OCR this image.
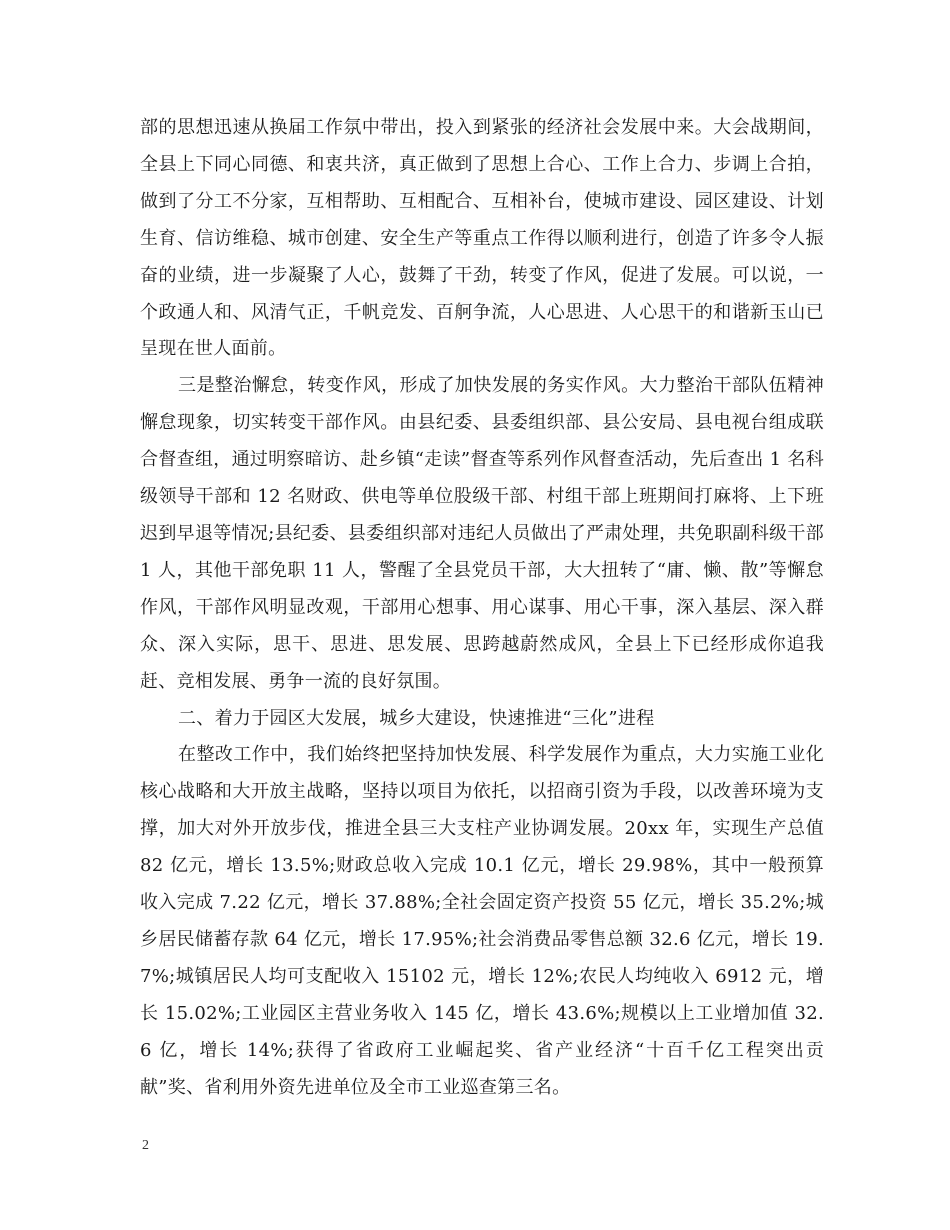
部的思想迅速从换届工作氛中带出，投入到紧张的经济社会发展中来。大会战期间，全县上下同心同德、和衷共济，真正做到了思想上合心、工作上合力、步调上合拍，做到了分工不分家，互相帮助、互相配合、互相补台，使城市建设、园区建设、计划生育、信访维稳、城市创建、安全生产等重点工作得以顺利进行，创造了许多令人振奋的业绩，进一步凝聚了人心，鼓舞了干劲，转变了作风，促进了发展。可以说，一个政通人和、风清气正，千帆竞发、百舸争流，人心思进、人心思干的和谐新玉山已呈现在世人面前。

三是整治懈怠，转变作风，形成了加快发展的务实作风。大力整治干部队伍精神懈怠现象，切实转变干部作风。由县纪委、县委组织部、县公安局、县电视台组成联合督查组，通过明察暗访、赴乡镇“走读”督查等系列作风督查活动，先后查出 1 名科级领导干部和 12 名财政、供电等单位股级干部、村组干部上班期间打麻将、上下班迟到早退等情况;县纪委、县委组织部对违纪人员做出了严肃处理，共免职副科级干部 1 人，其他干部免职 11 人，警醒了全县党员干部，大大扭转了“庸、懒、散”等懈怠作风，干部作风明显改观，干部用心想事、用心谋事、用心干事，深入基层、深入群众、深入实际，思干、思进、思发展、思跨越蔚然成风，全县上下已经形成你追我赶、竞相发展、勇争一流的良好氛围。

二、着力于园区大发展，城乡大建设，快速推进“三化”进程

在整改工作中，我们始终把坚持加快发展、科学发展作为重点，大力实施工业化核心战略和大开放主战略，坚持以项目为依托，以招商引资为手段，以改善环境为支撑，加大对外开放步伐，推进全县三大支柱产业协调发展。20xx 年，实现生产总值 82 亿元，增长 13.5%;财政总收入完成 10.1 亿元，增长 29.98%，其中一般预算收入完成 7.22 亿元，增长 37.88%;全社会固定资产投资 55 亿元，增长 35.2%;城乡居民储蓄存款 64 亿元，增长 17.95%;社会消费品零售总额 32.6 亿元，增长 19.7%;城镇居民人均可支配收入 15102 元，增长 12%;农民人均纯收入 6912 元，增长 15.02%;工业园区主营业务收入 145 亿，增长 43.6%;规模以上工业增加值 32.6 亿，增长 14%;获得了省政府工业崛起奖、省产业经济“十百千亿工程突出贡献”奖、省利用外资先进单位及全市工业巡查第三名。

2
